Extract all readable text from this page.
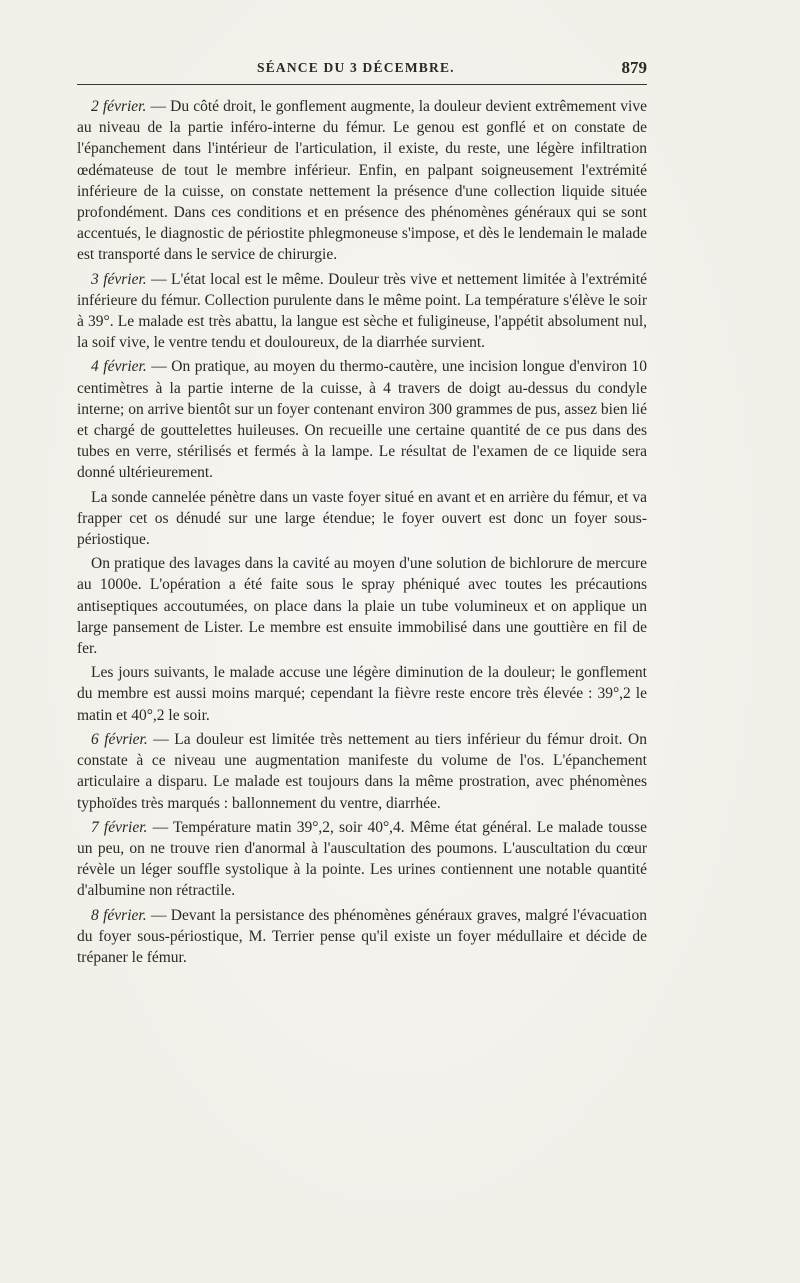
SÉANCE DU 3 DÉCEMBRE.	879

2 février. — Du côté droit, le gonflement augmente, la douleur devient extrêmement vive au niveau de la partie inféro-interne du fémur. Le genou est gonflé et on constate de l'épanchement dans l'intérieur de l'articulation, il existe, du reste, une légère infiltration œdémateuse de tout le membre inférieur. Enfin, en palpant soigneusement l'extrémité inférieure de la cuisse, on constate nettement la présence d'une collection liquide située profondément. Dans ces conditions et en présence des phénomènes généraux qui se sont accentués, le diagnostic de périostite phlegmoneuse s'impose, et dès le lendemain le malade est transporté dans le service de chirurgie.

3 février. — L'état local est le même. Douleur très vive et nettement limitée à l'extrémité inférieure du fémur. Collection purulente dans le même point. La température s'élève le soir à 39°. Le malade est très abattu, la langue est sèche et fuligineuse, l'appétit absolument nul, la soif vive, le ventre tendu et douloureux, de la diarrhée survient.

4 février. — On pratique, au moyen du thermo-cautère, une incision longue d'environ 10 centimètres à la partie interne de la cuisse, à 4 travers de doigt au-dessus du condyle interne; on arrive bientôt sur un foyer contenant environ 300 grammes de pus, assez bien lié et chargé de gouttelettes huileuses. On recueille une certaine quantité de ce pus dans des tubes en verre, stérilisés et fermés à la lampe. Le résultat de l'examen de ce liquide sera donné ultérieurement.

La sonde cannelée pénètre dans un vaste foyer situé en avant et en arrière du fémur, et va frapper cet os dénudé sur une large étendue; le foyer ouvert est donc un foyer sous-périostique.

On pratique des lavages dans la cavité au moyen d'une solution de bichlorure de mercure au 1000e. L'opération a été faite sous le spray phéniqué avec toutes les précautions antiseptiques accoutumées, on place dans la plaie un tube volumineux et on applique un large pansement de Lister. Le membre est ensuite immobilisé dans une gouttière en fil de fer.

Les jours suivants, le malade accuse une légère diminution de la douleur; le gonflement du membre est aussi moins marqué; cependant la fièvre reste encore très élevée : 39°,2 le matin et 40°,2 le soir.

6 février. — La douleur est limitée très nettement au tiers inférieur du fémur droit. On constate à ce niveau une augmentation manifeste du volume de l'os. L'épanchement articulaire a disparu. Le malade est toujours dans la même prostration, avec phénomènes typhoïdes très marqués : ballonnement du ventre, diarrhée.

7 février. — Température matin 39°,2, soir 40°,4. Même état général. Le malade tousse un peu, on ne trouve rien d'anormal à l'auscultation des poumons. L'auscultation du cœur révèle un léger souffle systolique à la pointe. Les urines contiennent une notable quantité d'albumine non rétractile.

8 février. — Devant la persistance des phénomènes généraux graves, malgré l'évacuation du foyer sous-périostique, M. Terrier pense qu'il existe un foyer médullaire et décide de trépaner le fémur.
